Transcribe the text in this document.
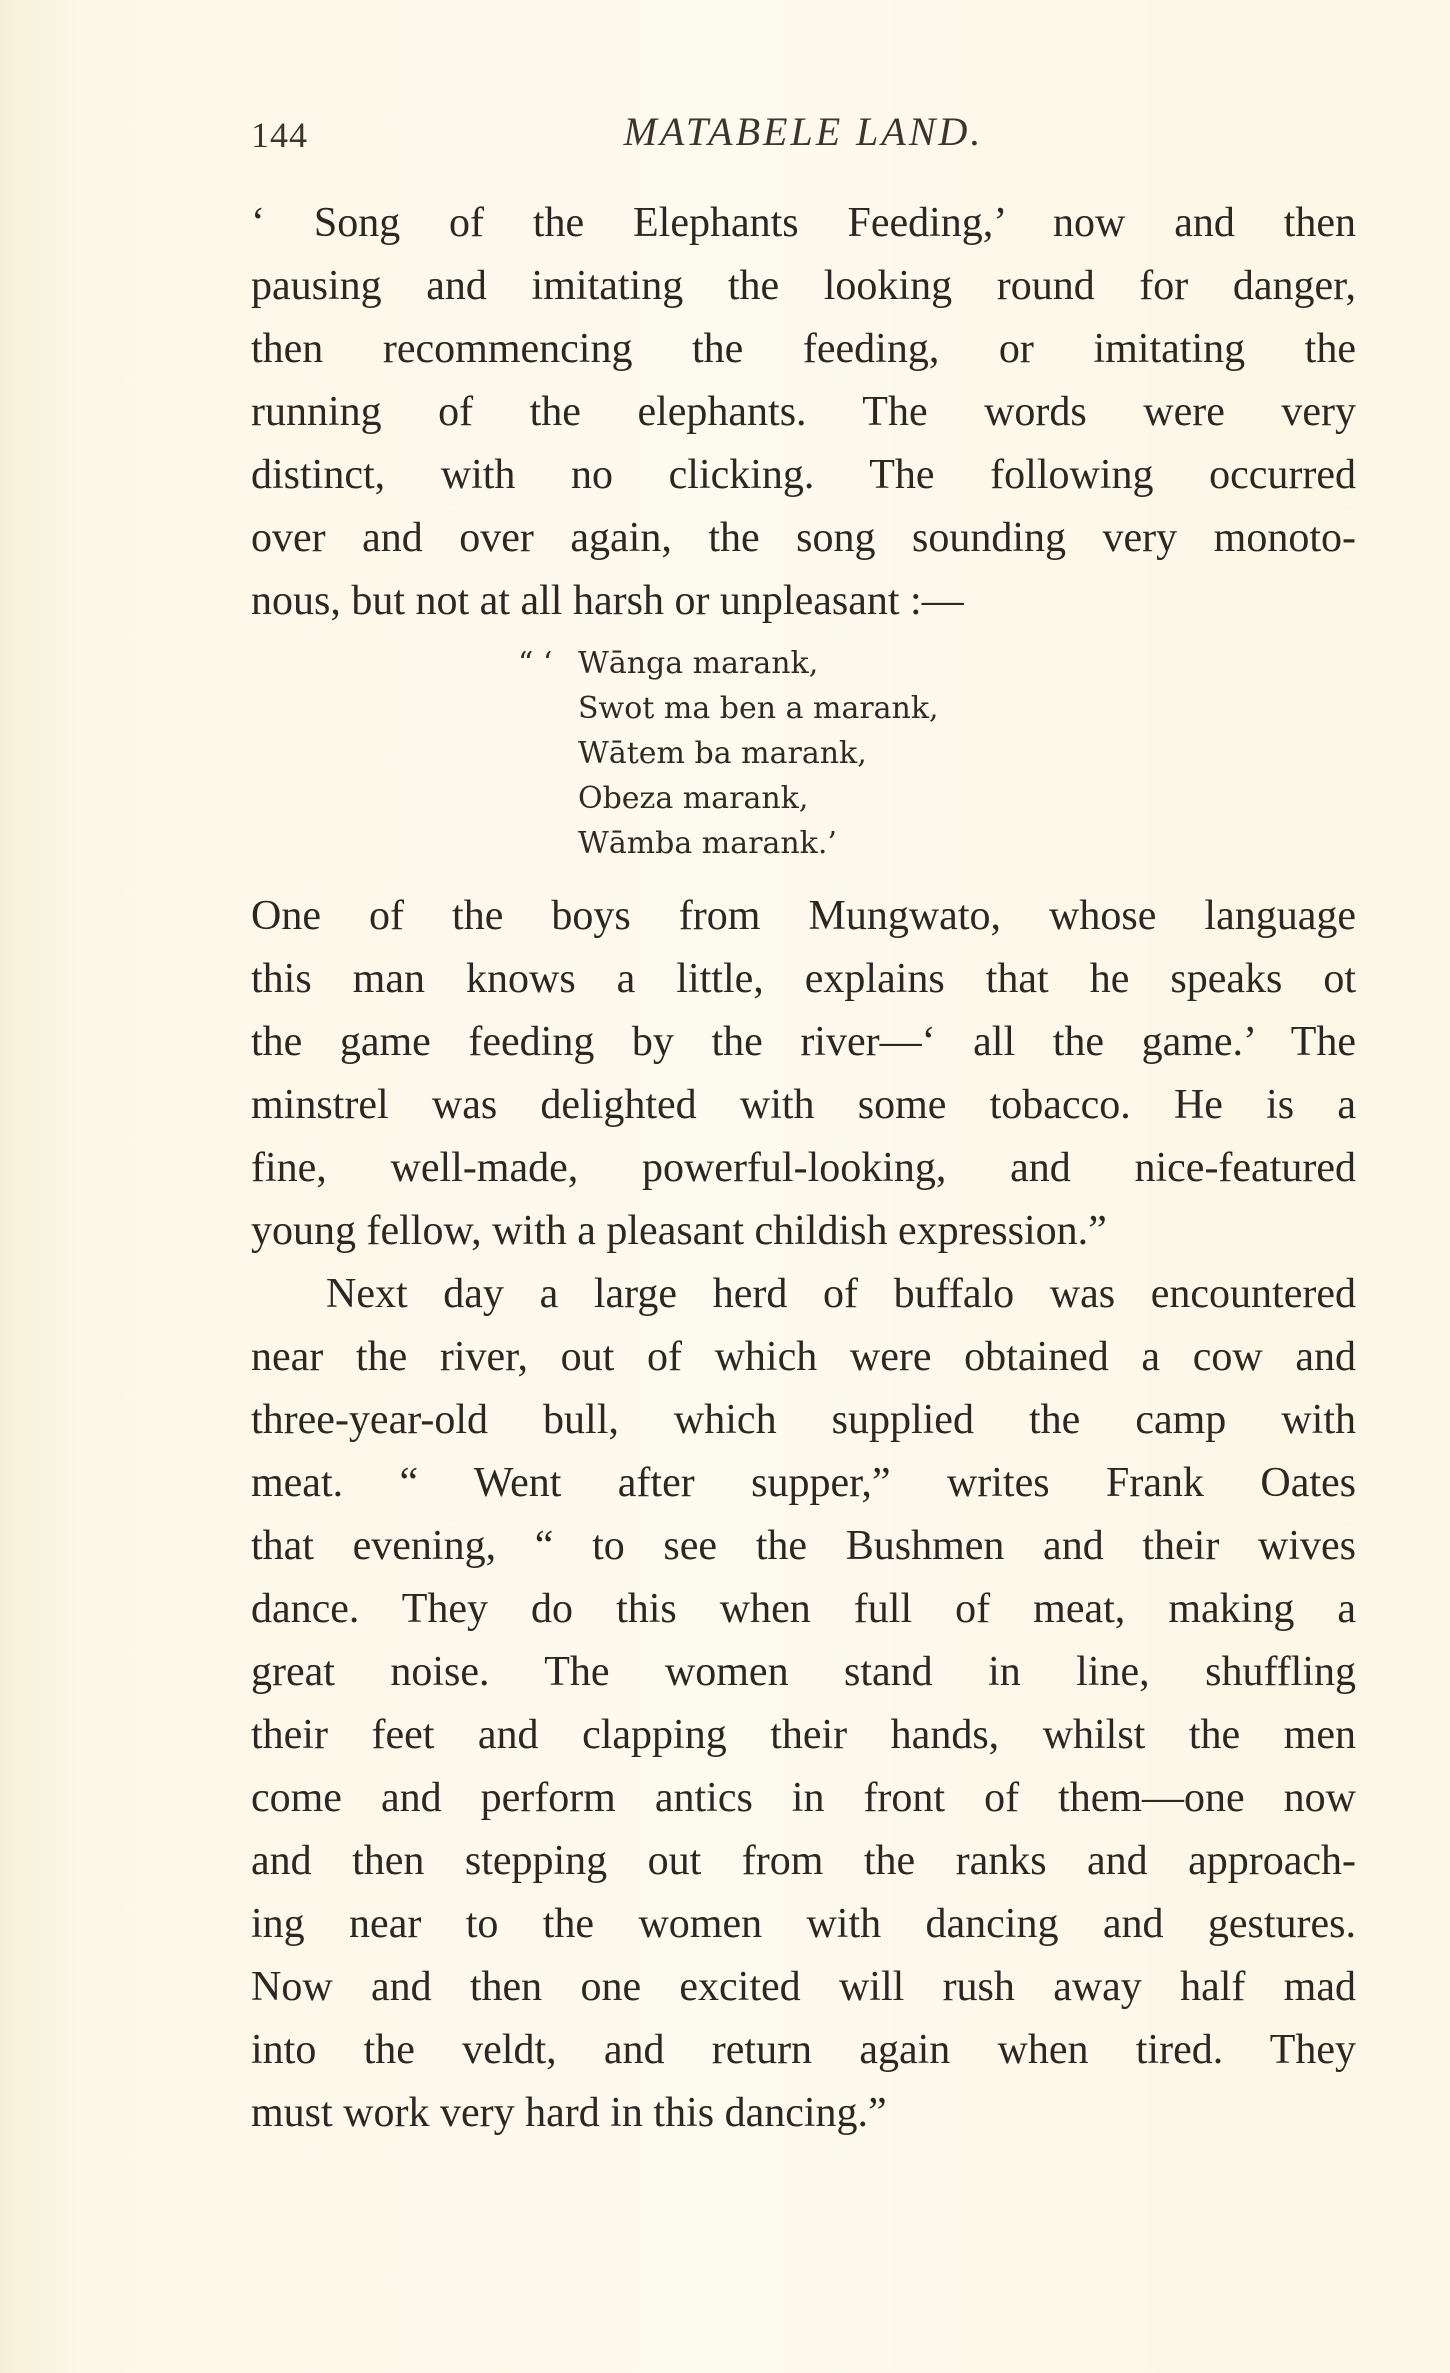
144	MATABELE LAND.
‘ Song of the Elephants Feeding,’ now and then
pausing and imitating the looking round for danger,
then recommencing the feeding, or imitating the
running of the elephants. The words were very
distinct, with no clicking. The following occurred
over and over again, the song sounding very monoto-
nous, but not at all harsh or unpleasant :—
“ ‘ Wānga marank,
Swot ma ben a marank,
Wātem ba marank,
Obeza marank,
Wāmba marank.’
One of the boys from Mungwato, whose language
this man knows a little, explains that he speaks ot
the game feeding by the river—‘ all the game.’ The
minstrel was delighted with some tobacco. He is a
fine, well-made, powerful-looking, and nice-featured
young fellow, with a pleasant childish expression.”
Next day a large herd of buffalo was encountered
near the river, out of which were obtained a cow and
three-year-old bull, which supplied the camp with
meat. “ Went after supper,” writes Frank Oates
that evening, “ to see the Bushmen and their wives
dance. They do this when full of meat, making a
great noise. The women stand in line, shuffling
their feet and clapping their hands, whilst the men
come and perform antics in front of them—one now
and then stepping out from the ranks and approach-
ing near to the women with dancing and gestures.
Now and then one excited will rush away half mad
into the veldt, and return again when tired. They
must work very hard in this dancing.”
